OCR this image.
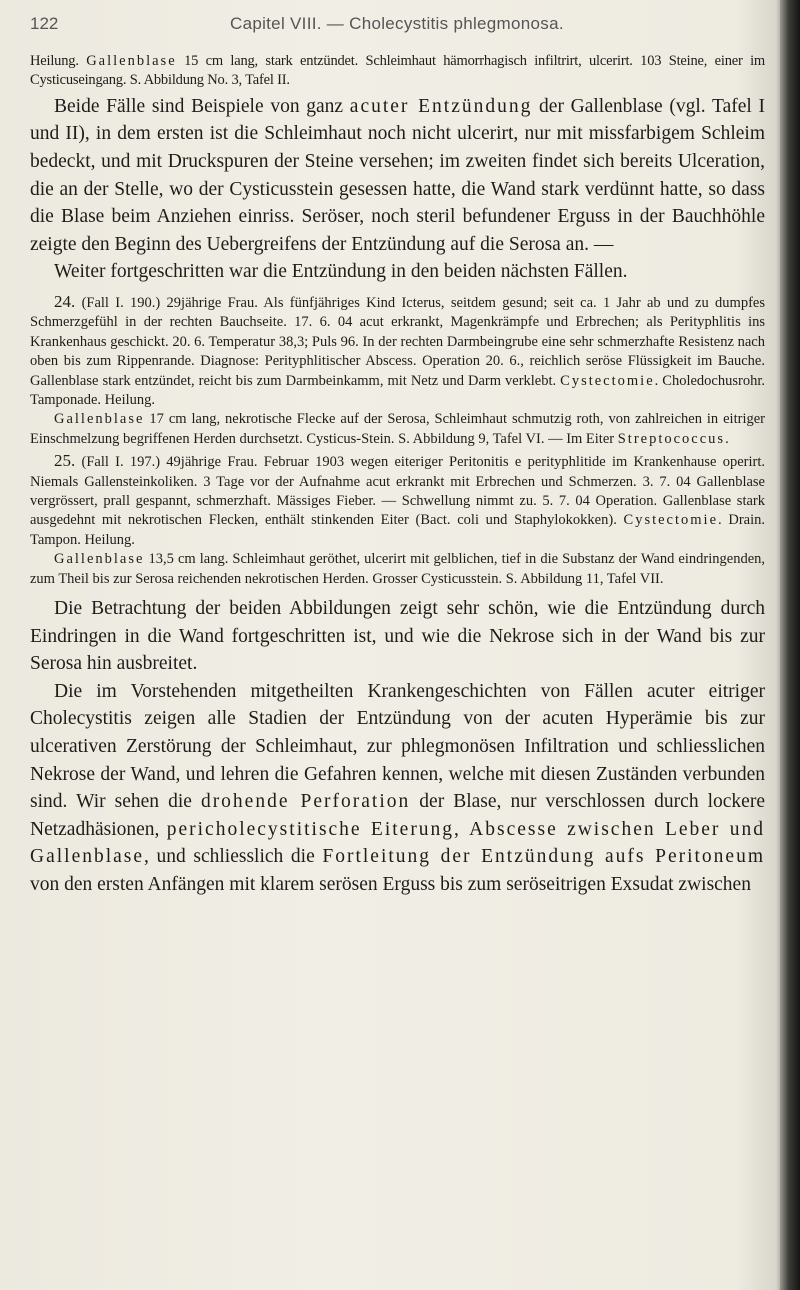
122	Capitel VIII. — Cholecystitis phlegmonosa.

Heilung. Gallenblase 15 cm lang, stark entzündet. Schleimhaut hämorrhagisch infiltrirt, ulcerirt. 103 Steine, einer im Cysticuseingang. S. Abbildung No. 3, Tafel II.

Beide Fälle sind Beispiele von ganz acuter Entzündung der Gallenblase (vgl. Tafel I und II), in dem ersten ist die Schleimhaut noch nicht ulcerirt, nur mit missfarbigem Schleim bedeckt, und mit Druckspuren der Steine versehen; im zweiten findet sich bereits Ulceration, die an der Stelle, wo der Cysticusstein gesessen hatte, die Wand stark verdünnt hatte, so dass die Blase beim Anziehen einriss. Seröser, noch steril befundener Erguss in der Bauchhöhle zeigte den Beginn des Uebergreifens der Entzündung auf die Serosa an. —

Weiter fortgeschritten war die Entzündung in den beiden nächsten Fällen.

24. (Fall I. 190.) 29jährige Frau. Als fünfjähriges Kind Icterus, seitdem gesund; seit ca. 1 Jahr ab und zu dumpfes Schmerzgefühl in der rechten Bauchseite. 17. 6. 04 acut erkrankt, Magenkrämpfe und Erbrechen; als Perityphlitis ins Krankenhaus geschickt. 20. 6. Temperatur 38,3; Puls 96. In der rechten Darmbeingrube eine sehr schmerzhafte Resistenz nach oben bis zum Rippenrande. Diagnose: Perityphlitischer Abscess. Operation 20. 6., reichlich seröse Flüssigkeit im Bauche. Gallenblase stark entzündet, reicht bis zum Darmbeinkamm, mit Netz und Darm verklebt. Cystectomie. Choledochusrohr. Tamponade. Heilung.

Gallenblase 17 cm lang, nekrotische Flecke auf der Serosa, Schleimhaut schmutzig roth, von zahlreichen in eitriger Einschmelzung begriffenen Herden durchsetzt. Cysticus-Stein. S. Abbildung 9, Tafel VI. — Im Eiter Streptococcus.

25. (Fall I. 197.) 49jährige Frau. Februar 1903 wegen eiteriger Peritonitis e perityphlitide im Krankenhause operirt. Niemals Gallensteinkoliken. 3 Tage vor der Aufnahme acut erkrankt mit Erbrechen und Schmerzen. 3. 7. 04 Gallenblase vergrössert, prall gespannt, schmerzhaft. Mässiges Fieber. — Schwellung nimmt zu. 5. 7. 04 Operation. Gallenblase stark ausgedehnt mit nekrotischen Flecken, enthält stinkenden Eiter (Bact. coli und Staphylokokken). Cystectomie. Drain. Tampon. Heilung.

Gallenblase 13,5 cm lang. Schleimhaut geröthet, ulcerirt mit gelblichen, tief in die Substanz der Wand eindringenden, zum Theil bis zur Serosa reichenden nekrotischen Herden. Grosser Cysticusstein. S. Abbildung 11, Tafel VII.

Die Betrachtung der beiden Abbildungen zeigt sehr schön, wie die Entzündung durch Eindringen in die Wand fortgeschritten ist, und wie die Nekrose sich in der Wand bis zur Serosa hin ausbreitet.

Die im Vorstehenden mitgetheilten Krankengeschichten von Fällen acuter eitriger Cholecystitis zeigen alle Stadien der Entzündung von der acuten Hyperämie bis zur ulcerativen Zerstörung der Schleimhaut, zur phlegmonösen Infiltration und schliesslichen Nekrose der Wand, und lehren die Gefahren kennen, welche mit diesen Zuständen verbunden sind. Wir sehen die drohende Perforation der Blase, nur verschlossen durch lockere Netzadhäsionen, pericholecystitische Eiterung, Abscesse zwischen Leber und Gallenblase, und schliesslich die Fortleitung der Entzündung aufs Peritoneum von den ersten Anfängen mit klarem serösen Erguss bis zum seröseitrigen Exsudat zwischen
